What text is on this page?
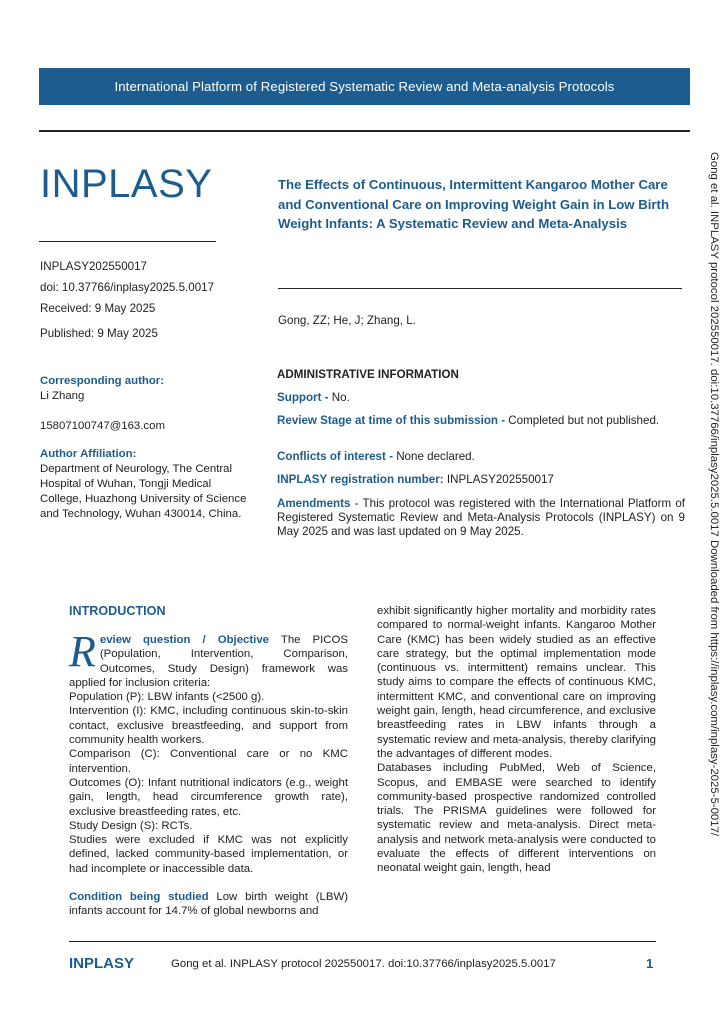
International Platform of Registered Systematic Review and Meta-analysis Protocols
INPLASY
INPLASY202550017
doi: 10.37766/inplasy2025.5.0017
Received: 9 May 2025
Published: 9 May 2025
The Effects of Continuous, Intermittent Kangaroo Mother Care and Conventional Care on Improving Weight Gain in Low Birth Weight Infants: A Systematic Review and Meta-Analysis
Gong, ZZ; He, J; Zhang, L.
Corresponding author:
Li Zhang
15807100747@163.com
Author Affiliation:
Department of Neurology, The Central Hospital of Wuhan, Tongji Medical College, Huazhong University of Science and Technology, Wuhan 430014, China.
ADMINISTRATIVE INFORMATION
Support - No.
Review Stage at time of this submission - Completed but not published.
Conflicts of interest - None declared.
INPLASY registration number: INPLASY202550017
Amendments - This protocol was registered with the International Platform of Registered Systematic Review and Meta-Analysis Protocols (INPLASY) on 9 May 2025 and was last updated on 9 May 2025.
INTRODUCTION

Review question / Objective The PICOS (Population, Intervention, Comparison, Outcomes, Study Design) framework was applied for inclusion criteria:

Population (P): LBW infants (<2500 g).

Intervention (I): KMC, including continuous skin-to-skin contact, exclusive breastfeeding, and support from community health workers.

Comparison (C): Conventional care or no KMC intervention.

Outcomes (O): Infant nutritional indicators (e.g., weight gain, length, head circumference growth rate), exclusive breastfeeding rates, etc.

Study Design (S): RCTs.

Studies were excluded if KMC was not explicitly defined, lacked community-based implementation, or had incomplete or inaccessible data.

Condition being studied Low birth weight (LBW) infants account for 14.7% of global newborns and

exhibit significantly higher mortality and morbidity rates compared to normal-weight infants. Kangaroo Mother Care (KMC) has been widely studied as an effective care strategy, but the optimal implementation mode (continuous vs. intermittent) remains unclear. This study aims to compare the effects of continuous KMC, intermittent KMC, and conventional care on improving weight gain, length, head circumference, and exclusive breastfeeding rates in LBW infants through a systematic review and meta-analysis, thereby clarifying the advantages of different modes.

Databases including PubMed, Web of Science, Scopus, and EMBASE were searched to identify community-based prospective randomized controlled trials. The PRISMA guidelines were followed for systematic review and meta-analysis. Direct meta-analysis and network meta-analysis were conducted to evaluate the effects of different interventions on neonatal weight gain, length, head

Gong et al. INPLASY protocol 202550017. doi:10.37766/inplasy2025.5.0017 Downloaded from https://inplasy.com/inplasy-2025-5-0017/
INPLASY	Gong et al. INPLASY protocol 202550017. doi:10.37766/inplasy2025.5.0017	1
